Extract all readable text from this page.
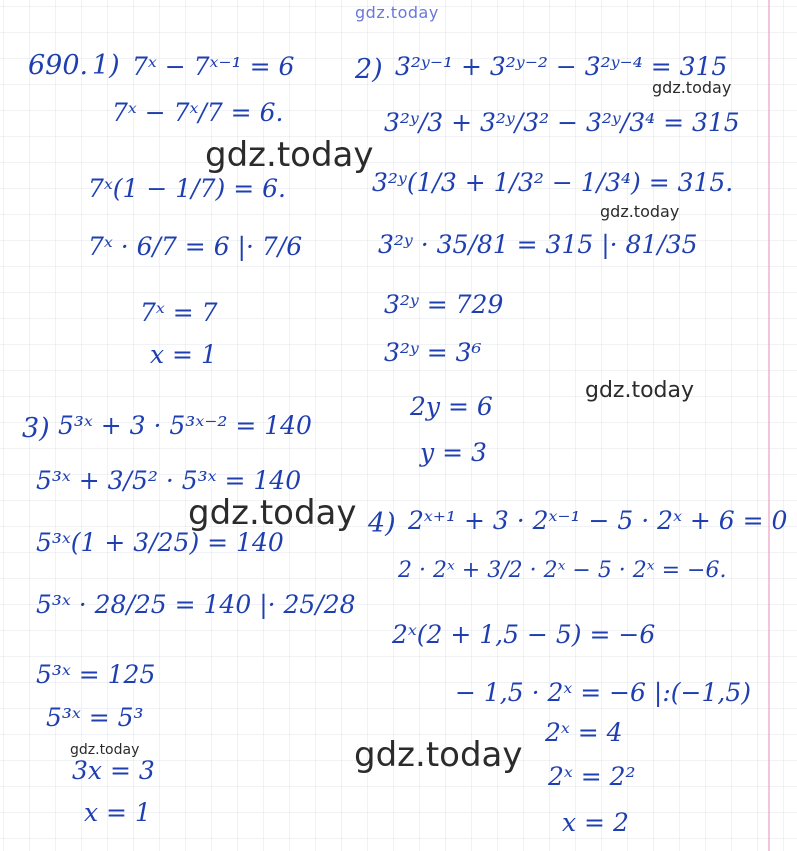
gdz.today
gdz.today
gdz.today
gdz.today
gdz.today
gdz.today
gdz.today	gdz.today
690. 1) 7ˣ − 7ˣ⁻¹ = 6
7ˣ − 7ˣ/7 = 6.
7ˣ(1 − 1/7) = 6.
7ˣ · 6/7 = 6 |· 7/6
7ˣ = 7
x = 1
2) 3²ʸ⁻¹ + 3²ʸ⁻² − 3²ʸ⁻⁴ = 315
3²ʸ/3 + 3²ʸ/3² − 3²ʸ/3⁴ = 315
3²ʸ(1/3 + 1/3² − 1/3⁴) = 315.
3²ʸ · 35/81 = 315 |· 81/35
3²ʸ = 729
3²ʸ = 3⁶
2y = 6
y = 3
3) 5³ˣ + 3 · 5³ˣ⁻² = 140
5³ˣ + 3/5² · 5³ˣ = 140
5³ˣ(1 + 3/25) = 140
5³ˣ · 28/25 = 140 |· 25/28
5³ˣ = 125
5³ˣ = 5³
3x = 3
x = 1
4) 2ˣ⁺¹ + 3 · 2ˣ⁻¹ − 5 · 2ˣ + 6 = 0
2 · 2ˣ + 3/2 · 2ˣ − 5 · 2ˣ = −6.
2ˣ(2 + 1,5 − 5) = −6
− 1,5 · 2ˣ = −6 |:(−1,5)
2ˣ = 4
2ˣ = 2²
x = 2
